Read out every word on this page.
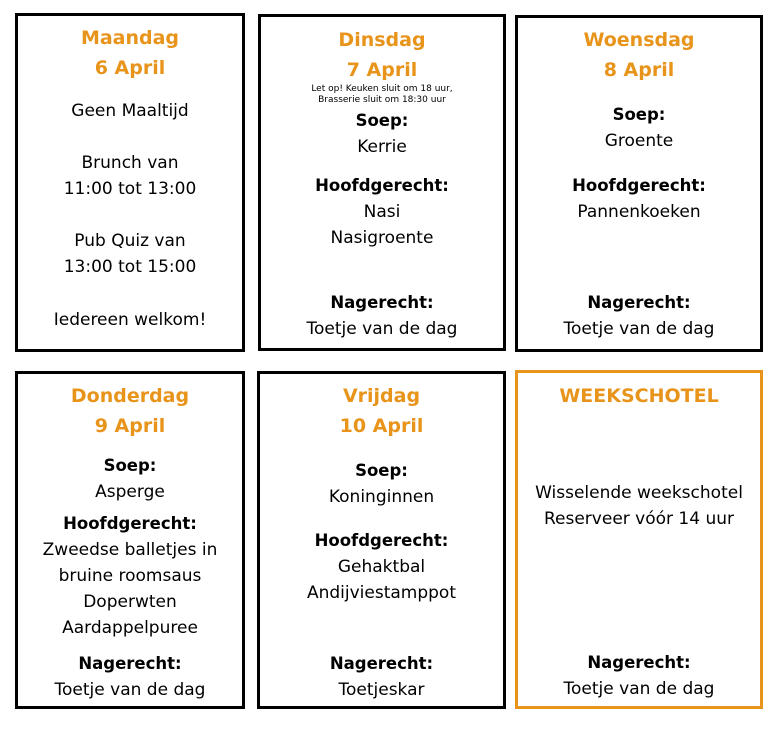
Maandag
6 April
Geen Maaltijd
Brunch van
11:00 tot 13:00
Pub Quiz van
13:00 tot 15:00
Iedereen welkom!
Dinsdag
7 April
Let op! Keuken sluit om 18 uur,
Brasserie sluit om 18:30 uur
Soep:
Kerrie
Hoofdgerecht:
Nasi
Nasigroente
Nagerecht:
Toetje van de dag
Woensdag
8 April
Soep:
Groente
Hoofdgerecht:
Pannenkoeken
Nagerecht:
Toetje van de dag
Donderdag
9 April
Soep:
Asperge
Hoofdgerecht:
Zweedse balletjes in
bruine roomsaus
Doperwten
Aardappelpuree
Nagerecht:
Toetje van de dag
Vrijdag
10 April
Soep:
Koninginnen
Hoofdgerecht:
Gehaktbal
Andijviestamppot
Nagerecht:
Toetjeskar
WEEKSCHOTEL
Wisselende weekschotel
Reserveer vóór 14 uur
Nagerecht:
Toetje van de dag
